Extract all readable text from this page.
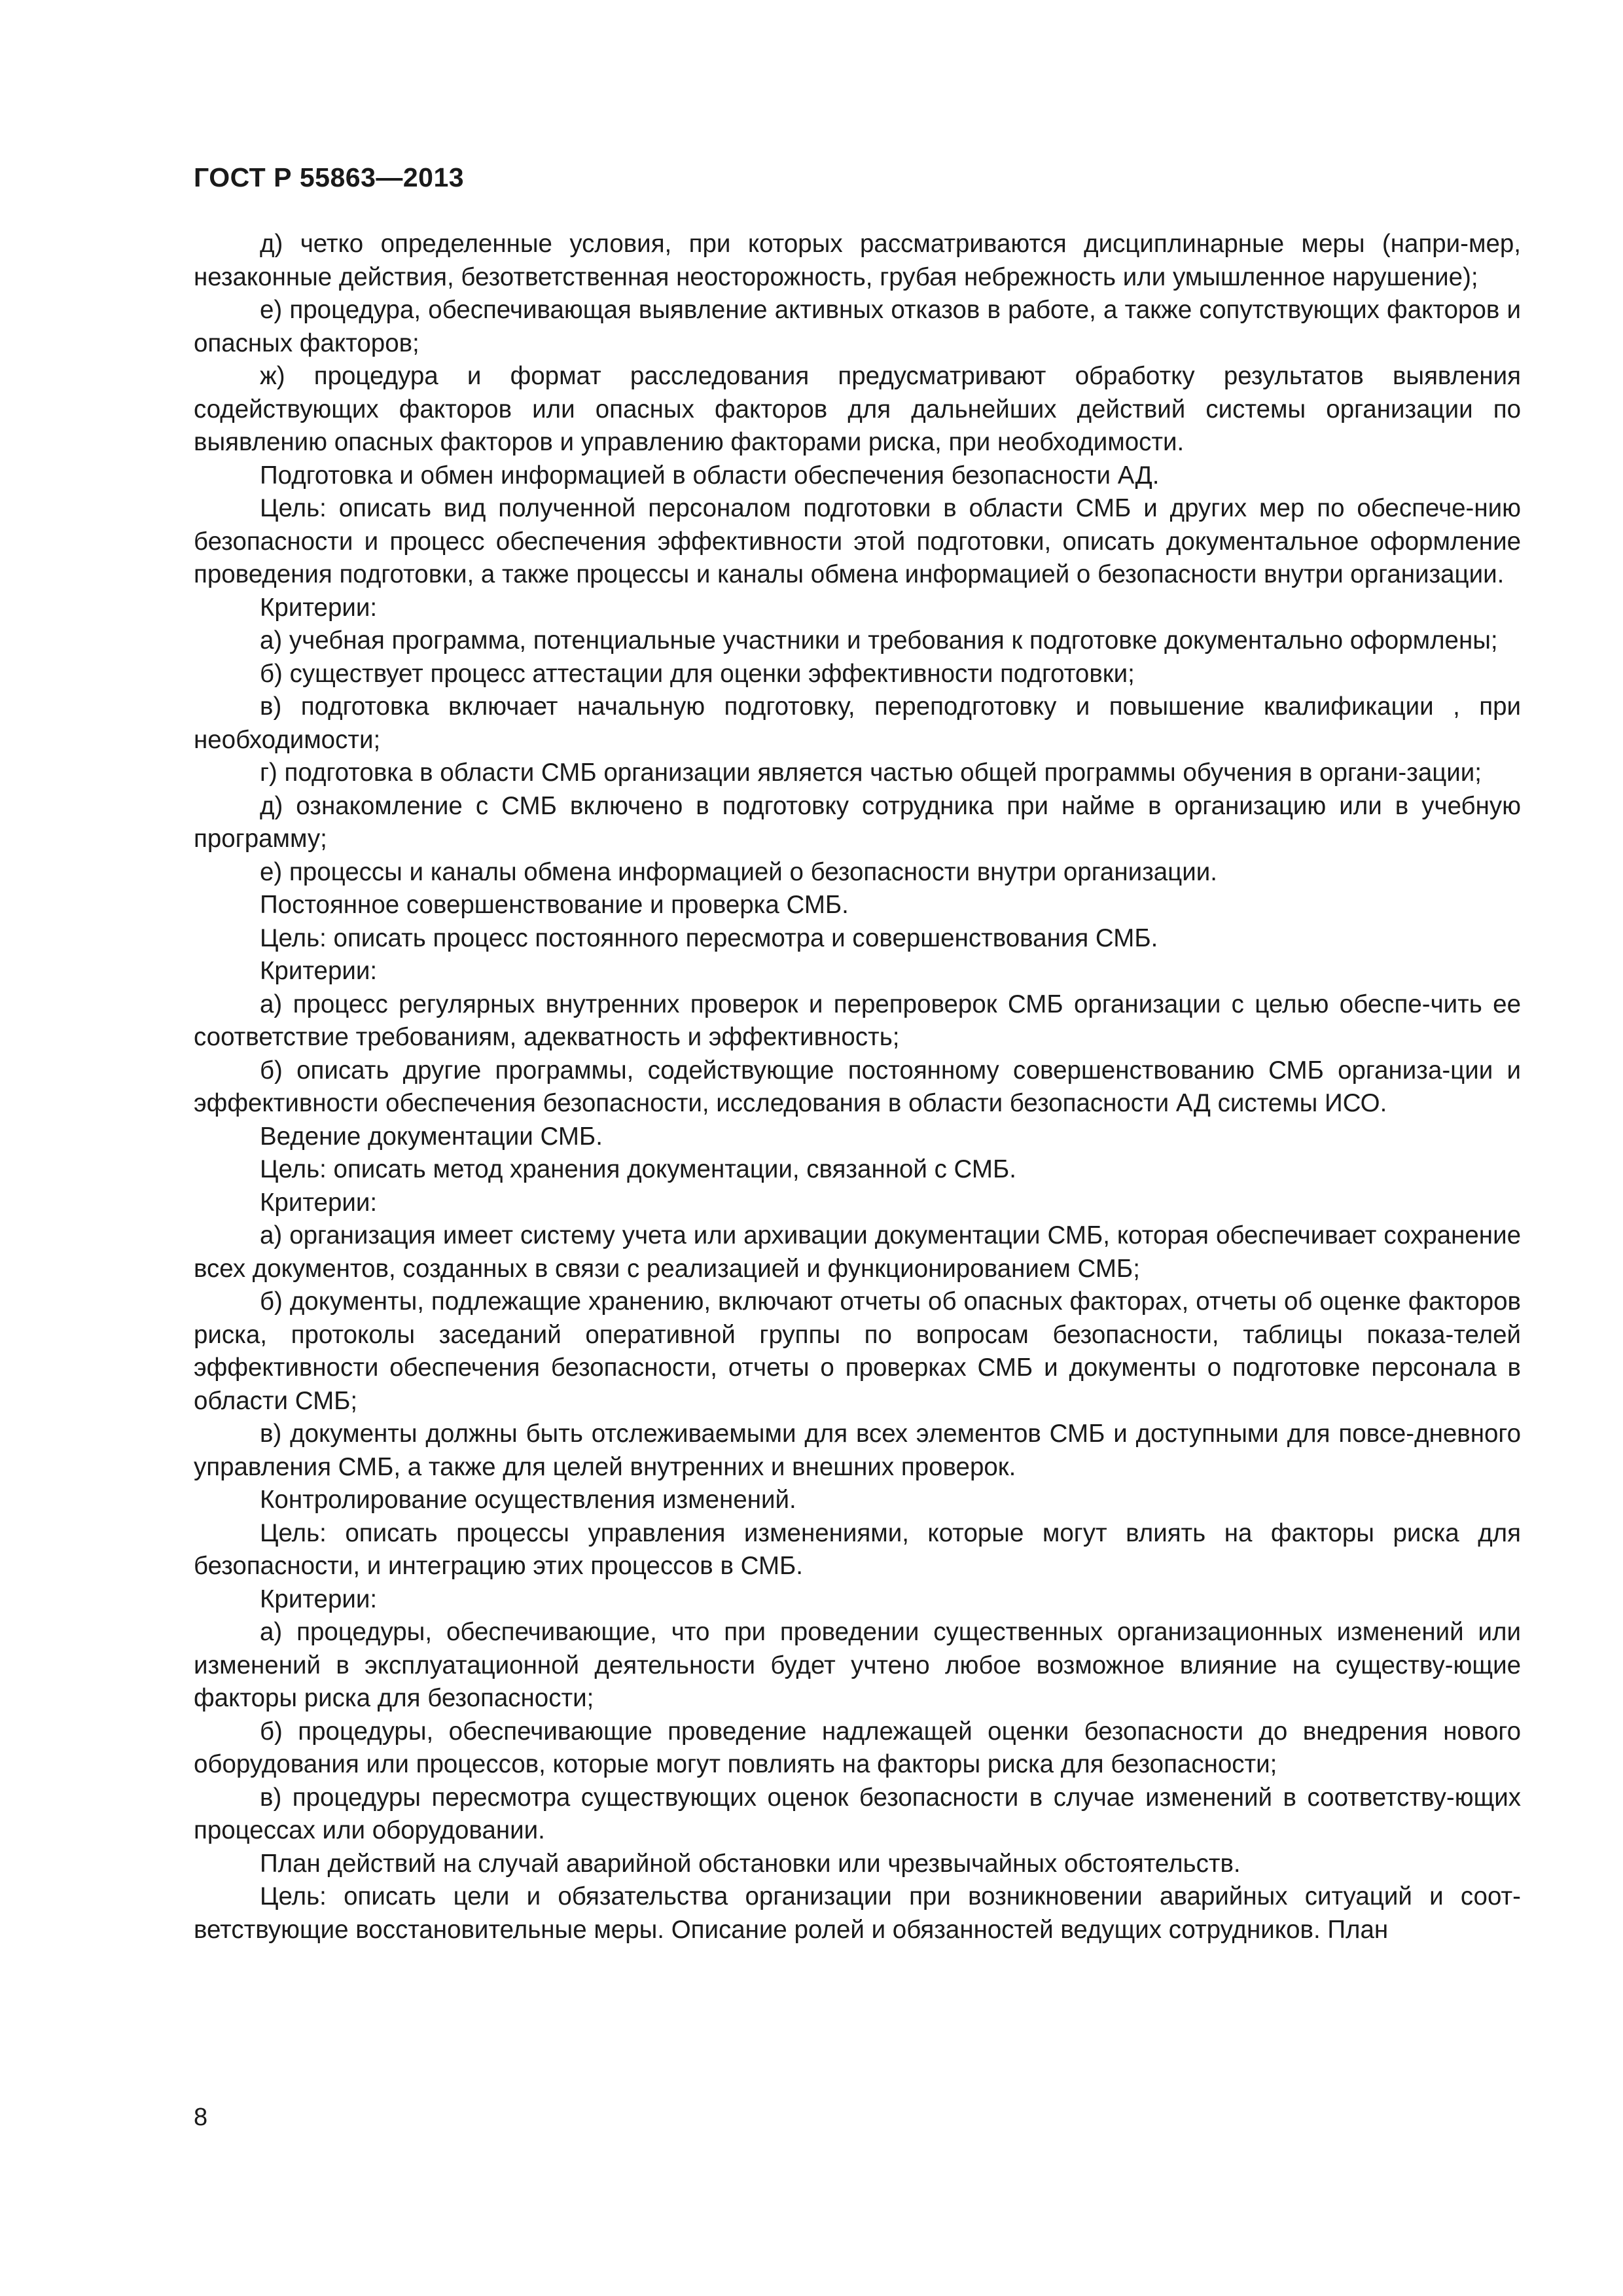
ГОСТ Р 55863—2013

д) четко определенные условия, при которых рассматриваются дисциплинарные меры (напри-мер, незаконные действия, безответственная неосторожность, грубая небрежность или умышленное нарушение);

е) процедура, обеспечивающая выявление активных отказов в работе, а также сопутствующих факторов и опасных факторов;

ж) процедура и формат расследования предусматривают обработку результатов выявления содействующих факторов или опасных факторов для дальнейших действий системы организации по выявлению опасных факторов и управлению факторами риска, при необходимости.

Подготовка и обмен информацией в области обеспечения безопасности АД.

Цель: описать вид полученной персоналом подготовки в области СМБ и других мер по обеспече-нию безопасности и процесс обеспечения эффективности этой подготовки, описать документальное оформление проведения подготовки, а также процессы и каналы обмена информацией о безопасности внутри организации.

Критерии:

а) учебная программа, потенциальные участники и требования к подготовке документально оформлены;

б) существует процесс аттестации для оценки эффективности подготовки;

в) подготовка включает начальную подготовку, переподготовку и повышение квалификации , при необходимости;

г) подготовка в области СМБ организации является частью общей программы обучения в органи-зации;

д) ознакомление с СМБ включено в подготовку сотрудника при найме в организацию или в учебную программу;

е) процессы и каналы обмена информацией о безопасности внутри организации.

Постоянное совершенствование и проверка СМБ.

Цель: описать процесс постоянного пересмотра и совершенствования СМБ.

Критерии:

а) процесс регулярных внутренних проверок и перепроверок СМБ организации с целью обеспе-чить ее соответствие требованиям, адекватность и эффективность;

б) описать другие программы, содействующие постоянному совершенствованию СМБ организа-ции и эффективности обеспечения безопасности, исследования в области безопасности АД системы ИСО.

Ведение документации СМБ.

Цель: описать метод хранения документации, связанной с СМБ.

Критерии:

а) организация имеет систему учета или архивации документации СМБ, которая обеспечивает сохранение всех документов, созданных в связи с реализацией и функционированием СМБ;

б) документы, подлежащие хранению, включают отчеты об опасных факторах, отчеты об оценке факторов риска, протоколы заседаний оперативной группы по вопросам безопасности, таблицы показа-телей эффективности обеспечения безопасности, отчеты о проверках СМБ и документы о подготовке персонала в области СМБ;

в) документы должны быть отслеживаемыми для всех элементов СМБ и доступными для повсе-дневного управления СМБ, а также для целей внутренних и внешних проверок.

Контролирование осуществления изменений.

Цель: описать процессы управления изменениями, которые могут влиять на факторы риска для безопасности, и интеграцию этих процессов в СМБ.

Критерии:

а) процедуры, обеспечивающие, что при проведении существенных организационных изменений или изменений в эксплуатационной деятельности будет учтено любое возможное влияние на существу-ющие факторы риска для безопасности;

б) процедуры, обеспечивающие проведение надлежащей оценки безопасности до внедрения нового оборудования или процессов, которые могут повлиять на факторы риска для безопасности;

в) процедуры пересмотра существующих оценок безопасности в случае изменений в соответству-ющих процессах или оборудовании.

План действий на случай аварийной обстановки или чрезвычайных обстоятельств.

Цель: описать цели и обязательства организации при возникновении аварийных ситуаций и соот-ветствующие восстановительные меры. Описание ролей и обязанностей ведущих сотрудников. План

8
